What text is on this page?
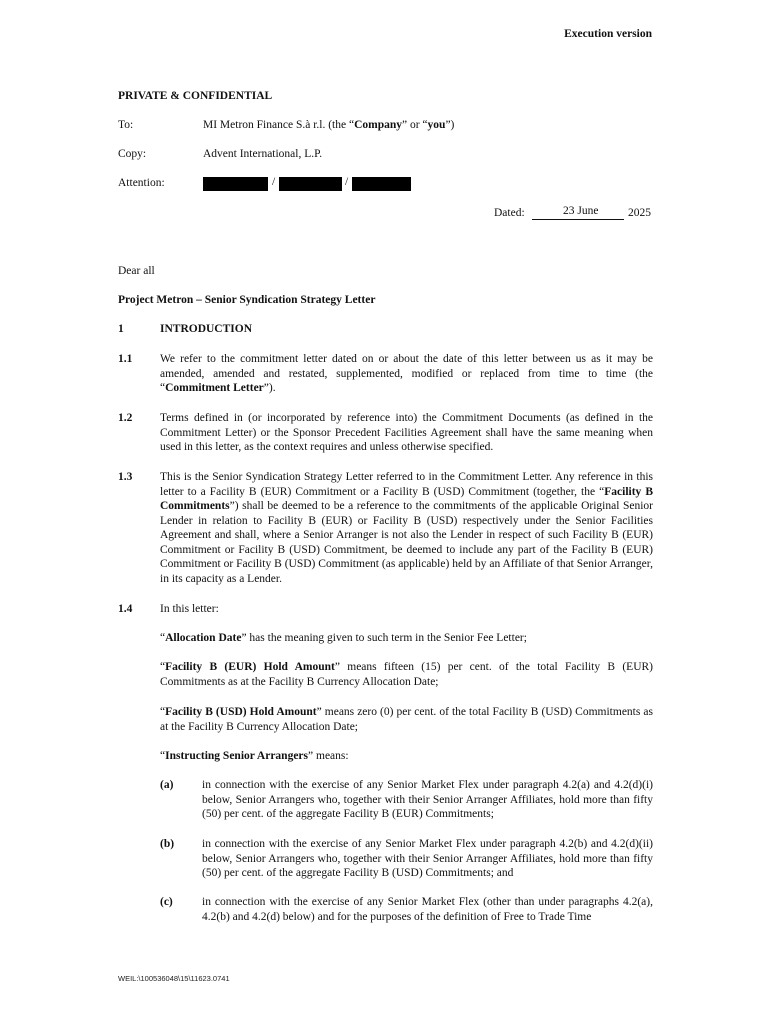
Execution version
PRIVATE & CONFIDENTIAL
To:	MI Metron Finance S.à r.l. (the “Company” or “you”)
Copy:	Advent International, L.P.
Attention:	/	/
Dated:	23 June	2025
Dear all
Project Metron – Senior Syndication Strategy Letter
1	INTRODUCTION
1.1 We refer to the commitment letter dated on or about the date of this letter between us as it may be amended, amended and restated, supplemented, modified or replaced from time to time (the “Commitment Letter”).
1.2 Terms defined in (or incorporated by reference into) the Commitment Documents (as defined in the Commitment Letter) or the Sponsor Precedent Facilities Agreement shall have the same meaning when used in this letter, as the context requires and unless otherwise specified.
1.3 This is the Senior Syndication Strategy Letter referred to in the Commitment Letter. Any reference in this letter to a Facility B (EUR) Commitment or a Facility B (USD) Commitment (together, the “Facility B Commitments”) shall be deemed to be a reference to the commitments of the applicable Original Senior Lender in relation to Facility B (EUR) or Facility B (USD) respectively under the Senior Facilities Agreement and shall, where a Senior Arranger is not also the Lender in respect of such Facility B (EUR) Commitment or Facility B (USD) Commitment, be deemed to include any part of the Facility B (EUR) Commitment or Facility B (USD) Commitment (as applicable) held by an Affiliate of that Senior Arranger, in its capacity as a Lender.
1.4 In this letter:
“Allocation Date” has the meaning given to such term in the Senior Fee Letter;
“Facility B (EUR) Hold Amount” means fifteen (15) per cent. of the total Facility B (EUR) Commitments as at the Facility B Currency Allocation Date;
“Facility B (USD) Hold Amount” means zero (0) per cent. of the total Facility B (USD) Commitments as at the Facility B Currency Allocation Date;
“Instructing Senior Arrangers” means:
(a) in connection with the exercise of any Senior Market Flex under paragraph 4.2(a) and 4.2(d)(i) below, Senior Arrangers who, together with their Senior Arranger Affiliates, hold more than fifty (50) per cent. of the aggregate Facility B (EUR) Commitments;
(b) in connection with the exercise of any Senior Market Flex under paragraph 4.2(b) and 4.2(d)(ii) below, Senior Arrangers who, together with their Senior Arranger Affiliates, hold more than fifty (50) per cent. of the aggregate Facility B (USD) Commitments; and
(c)	in connection with the exercise of any Senior Market Flex (other than under paragraphs 4.2(a), 4.2(b) and 4.2(d) below) and for the purposes of the definition of Free to Trade Time
WEIL:\100536048\15\11623.0741
